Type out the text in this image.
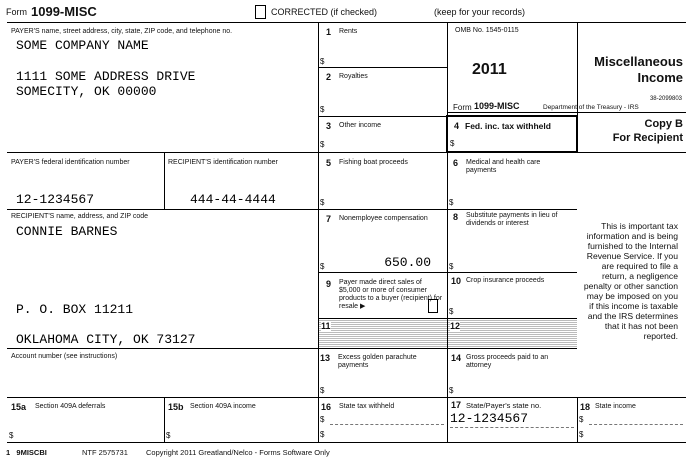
Form 1099-MISC	CORRECTED (if checked)	(keep for your records)
PAYER'S name, street address, city, state, ZIP code, and telephone no.
SOME COMPANY NAME
1111 SOME ADDRESS DRIVE
SOMECITY, OK 00000
PAYER'S federal identification number
12-1234567
RECIPIENT'S identification number
444-44-4444
RECIPIENT'S name, address, and ZIP code
CONNIE BARNES
P. O. BOX 11211
OKLAHOMA CITY, OK 73127
Account number (see instructions)
1 Rents
$
2 Royalties
$
3 Other income
$
OMB No. 1545-0115
2011
Form 1099-MISC
Miscellaneous
Income
38-2099803
Department of the Treasury - IRS
4 Fed. inc. tax withheld
$
Copy B
For Recipient
5 Fishing boat proceeds
$
6 Medical and health care payments
$
7 Nonemployee compensation
$	650.00
8 Substitute payments in lieu of dividends or interest
$
9 Payer made direct sales of $5,000 or more of consumer products to a buyer (recipient) for resale ▶
10 Crop insurance proceeds
$
11	12
13 Excess golden parachute payments
$
14 Gross proceeds paid to an attorney
$
This is important tax information and is being furnished to the Internal Revenue Service. If you are required to file a return, a negligence penalty or other sanction may be imposed on you if this income is taxable and the IRS determines that it has not been reported.
15a Section 409A deferrals
$
15b Section 409A income
$
16 State tax withheld
$
$
17 State/Payer's state no.
12-1234567
18 State income
$
$
1   9MISCBI	NTF 2575731 Copyright 2011 Greatland/Nelco - Forms Software Only
